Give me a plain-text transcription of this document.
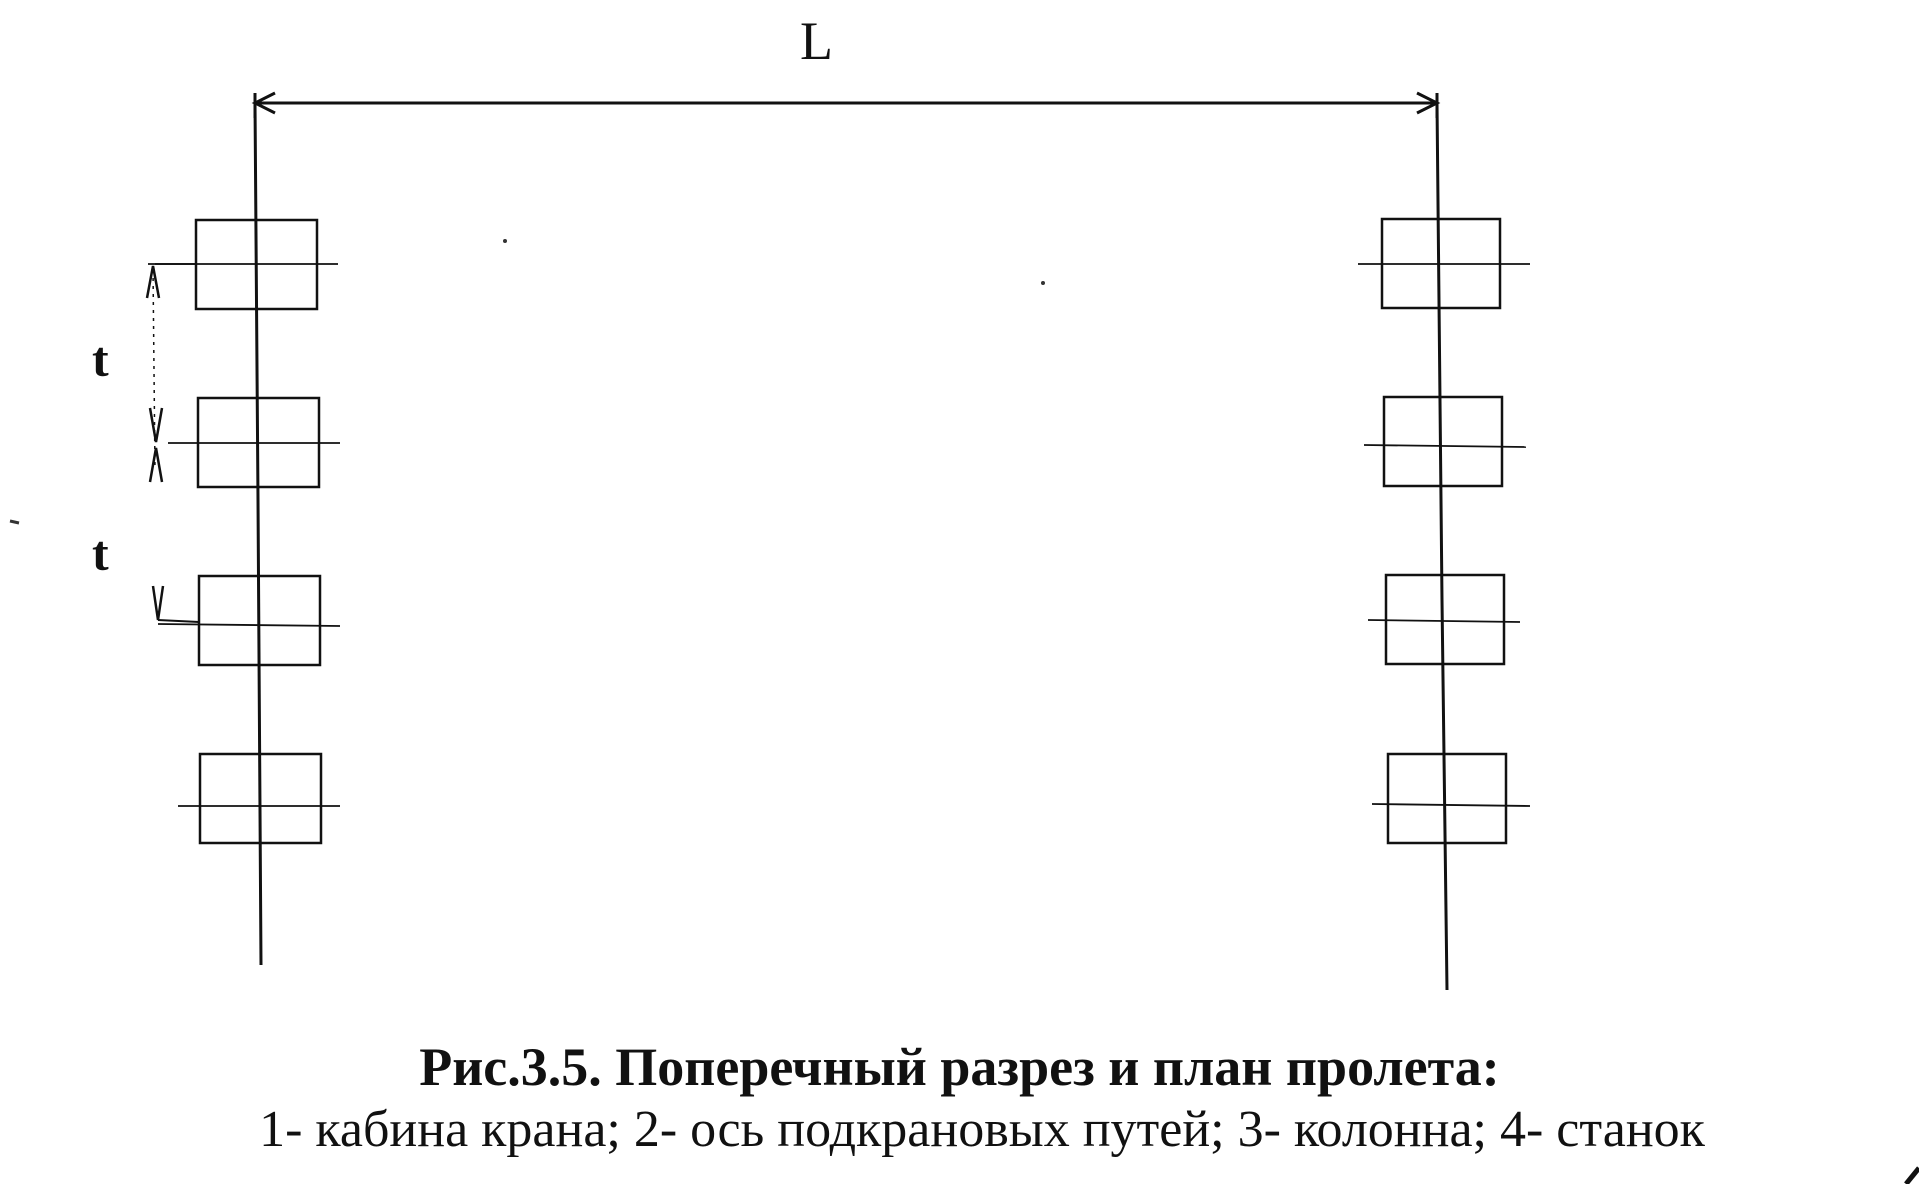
L
t
t
Рис.3.5. Поперечный разрез и план пролета:
1- кабина крана; 2- ось подкрановых путей; 3- колонна; 4- станок
